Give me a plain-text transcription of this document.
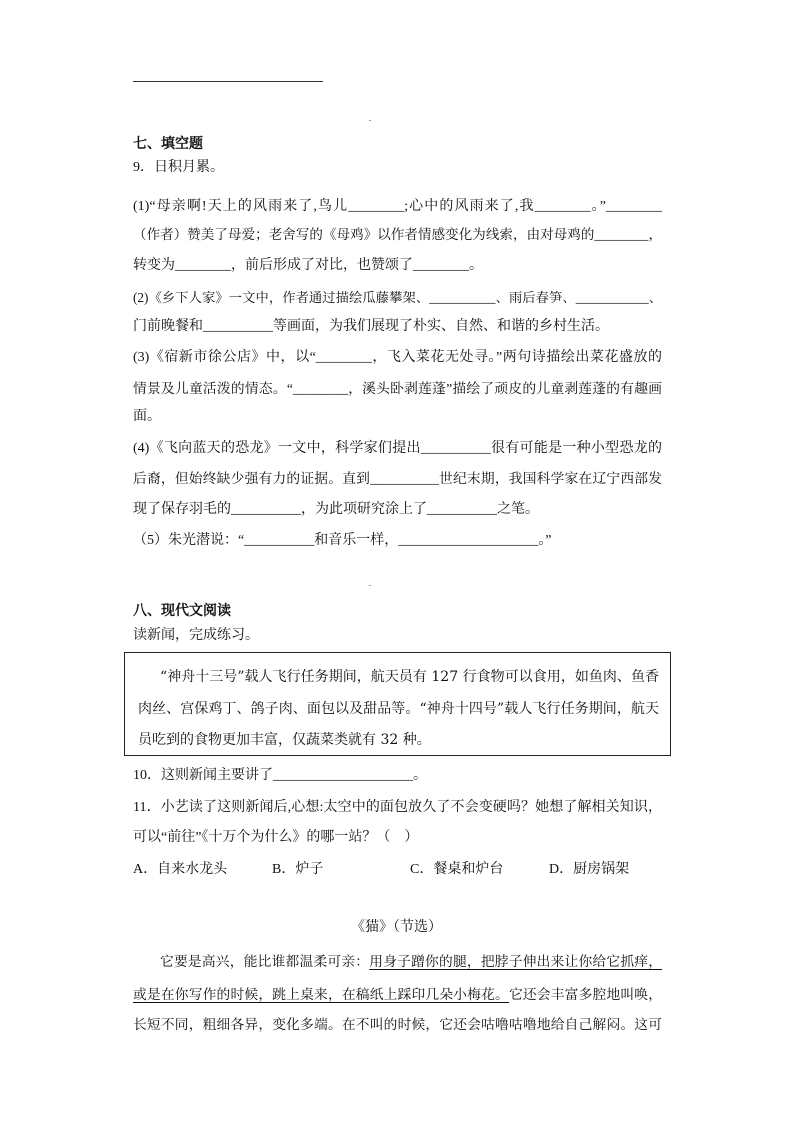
七、填空题
9．日积月累。
(1)“母亲啊!天上的风雨来了,鸟儿________;心中的风雨来了,我________。”________
（作者）赞美了母爱；老舍写的《母鸡》以作者情感变化为线索，由对母鸡的________，
转变为________，前后形成了对比，也赞颂了________。
(2)《乡下人家》一文中，作者通过描绘瓜藤攀架、__________、雨后春笋、___________、
门前晚餐和__________等画面，为我们展现了朴实、自然、和谐的乡村生活。
(3)《宿新市徐公店》中，以“________，飞入菜花无处寻。”两句诗描绘出菜花盛放的
情景及儿童活泼的情态。“________，溪头卧剥莲蓬”描绘了顽皮的儿童剥莲蓬的有趣画
面。
(4)《飞向蓝天的恐龙》一文中，科学家们提出__________很有可能是一种小型恐龙的
后裔，但始终缺少强有力的证据。直到__________世纪末期，我国科学家在辽宁西部发
现了保存羽毛的__________，为此项研究涂上了__________之笔。
（5）朱光潜说：“__________和音乐一样，____________________。”
八、现代文阅读
读新闻，完成练习。
“神舟十三号”载人飞行任务期间，航天员有 127 行食物可以食用，如鱼肉、鱼香
肉丝、宫保鸡丁、鸽子肉、面包以及甜品等。“神舟十四号”载人飞行任务期间，航天
员吃到的食物更加丰富，仅蔬菜类就有 32 种。
10．这则新闻主要讲了____________________。
11．小艺读了这则新闻后,心想:太空中的面包放久了不会变硬吗？她想了解相关知识，
可以“前往”《十万个为什么》的哪一站？（　）
A．自来水龙头	B．炉子	C．餐桌和炉台	D．厨房锅架
《猫》（节选）
它要是高兴，能比谁都温柔可亲：用身子蹭你的腿，把脖子伸出来让你给它抓痒，
或是在你写作的时候，跳上桌来，在稿纸上踩印几朵小梅花。它还会丰富多腔地叫唤，
长短不同，粗细各异，变化多端。在不叫的时候，它还会咕噜咕噜地给自己解闷。这可
